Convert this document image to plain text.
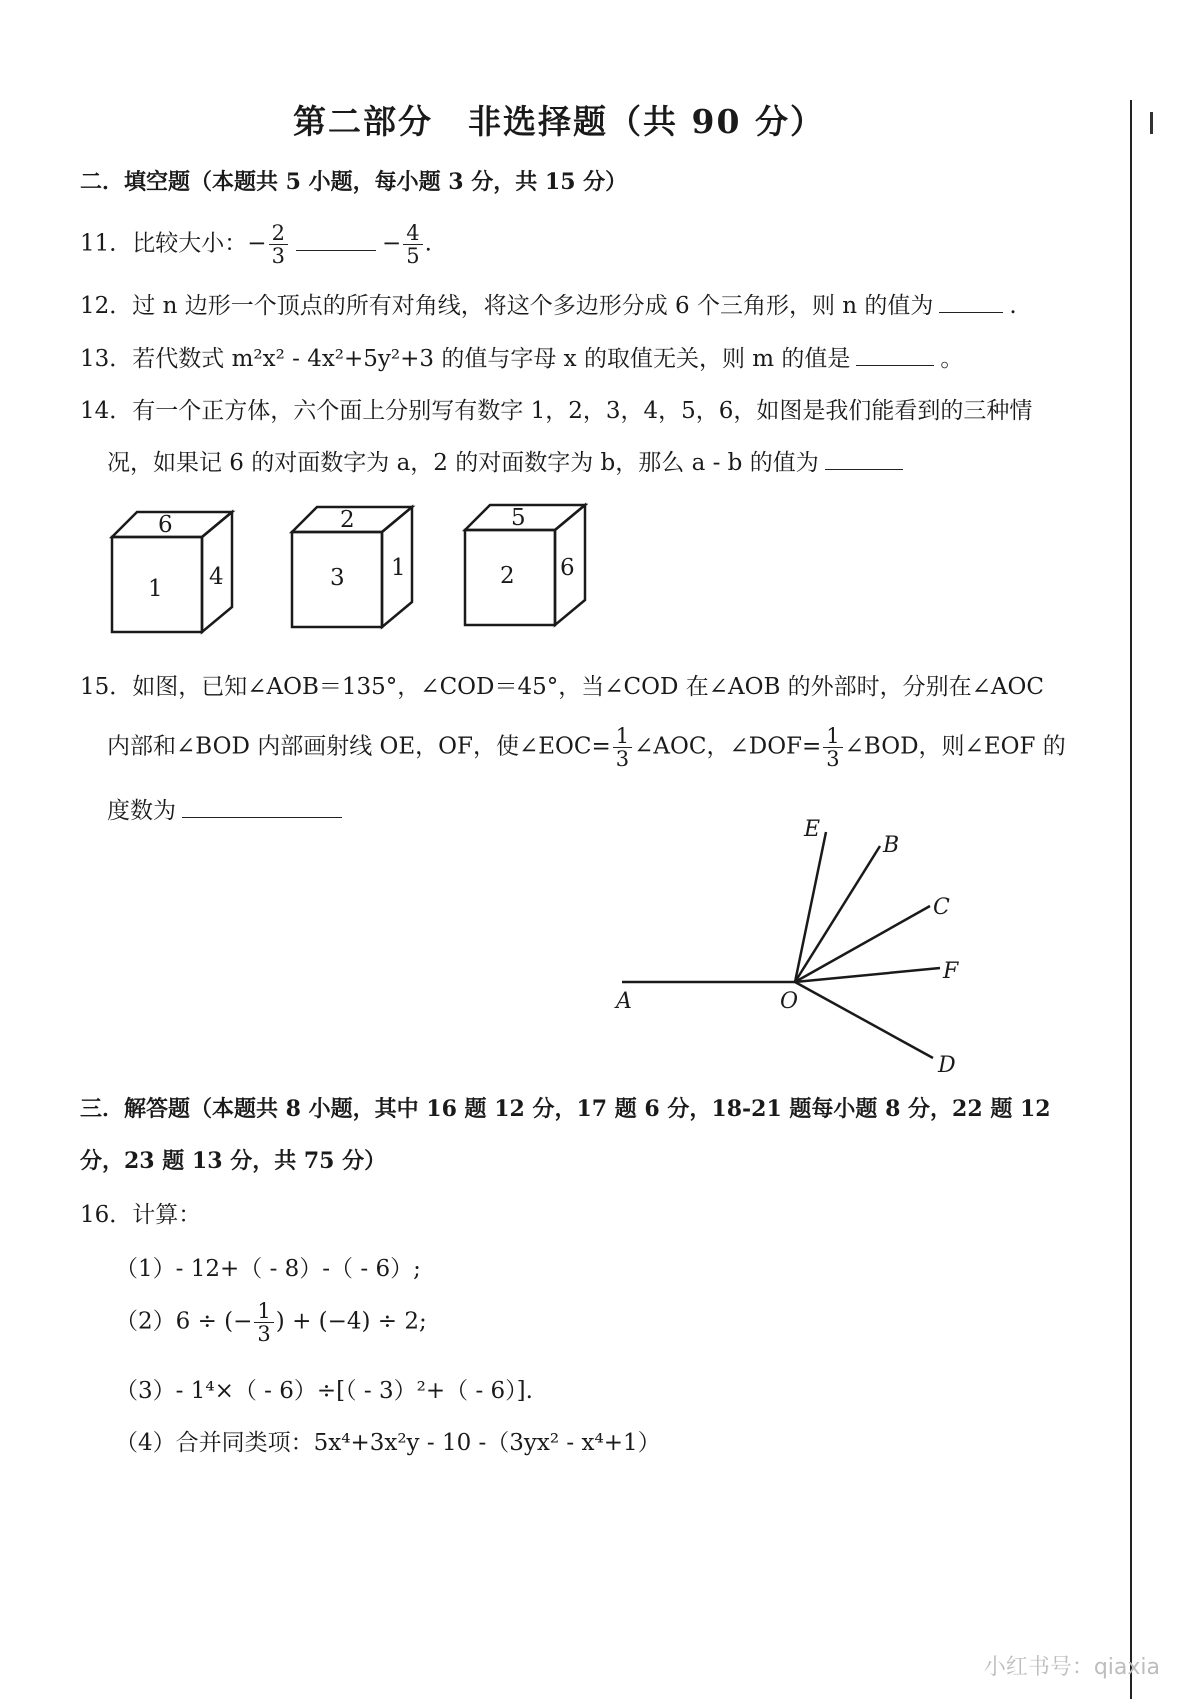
第二部分　非选择题（共 90 分）
二．填空题（本题共 5 小题，每小题 3 分，共 15 分）
11．比较大小：− $\frac{2}{3}$	− $\frac{4}{5}$ .
12．过 n 边形一个顶点的所有对角线，将这个多边形分成 6 个三角形，则 n 的值为	.
13．若代数式 m²x² - 4x²+5y²+3 的值与字母 x 的取值无关，则 m 的值是	。
14．有一个正方体，六个面上分别写有数字 1，2，3，4，5，6，如图是我们能看到的三种情
况，如果记 6 的对面数字为 a，2 的对面数字为 b，那么 a - b 的值为
6
1 4
2
3 1
5
2 6
15．如图，已知∠AOB＝135°，∠COD＝45°，当∠COD 在∠AOB 的外部时，分别在∠AOC
内部和∠BOD 内部画射线 OE，OF，使∠EOC= $\frac{1}{3}$ ∠AOC，∠DOF= $\frac{1}{3}$ ∠BOD，则∠EOF 的
度数为
E
B
C
F
A	O
D
三．解答题（本题共 8 小题，其中 16 题 12 分，17 题 6 分，18-21 题每小题 8 分，22 题 12
分，23 题 13 分，共 75 分）
16．计算：
（1）- 12+（ - 8）-（ - 6）;
（2）6 ÷ (− $\frac{1}{3}$ ) + (−4) ÷ 2;
（3）- 1⁴×（ - 6）÷[（ - 3）²+（ - 6）].
（4）合并同类项：5x⁴+3x²y - 10 -（3yx² - x⁴+1）
小红书号：qiaxia
